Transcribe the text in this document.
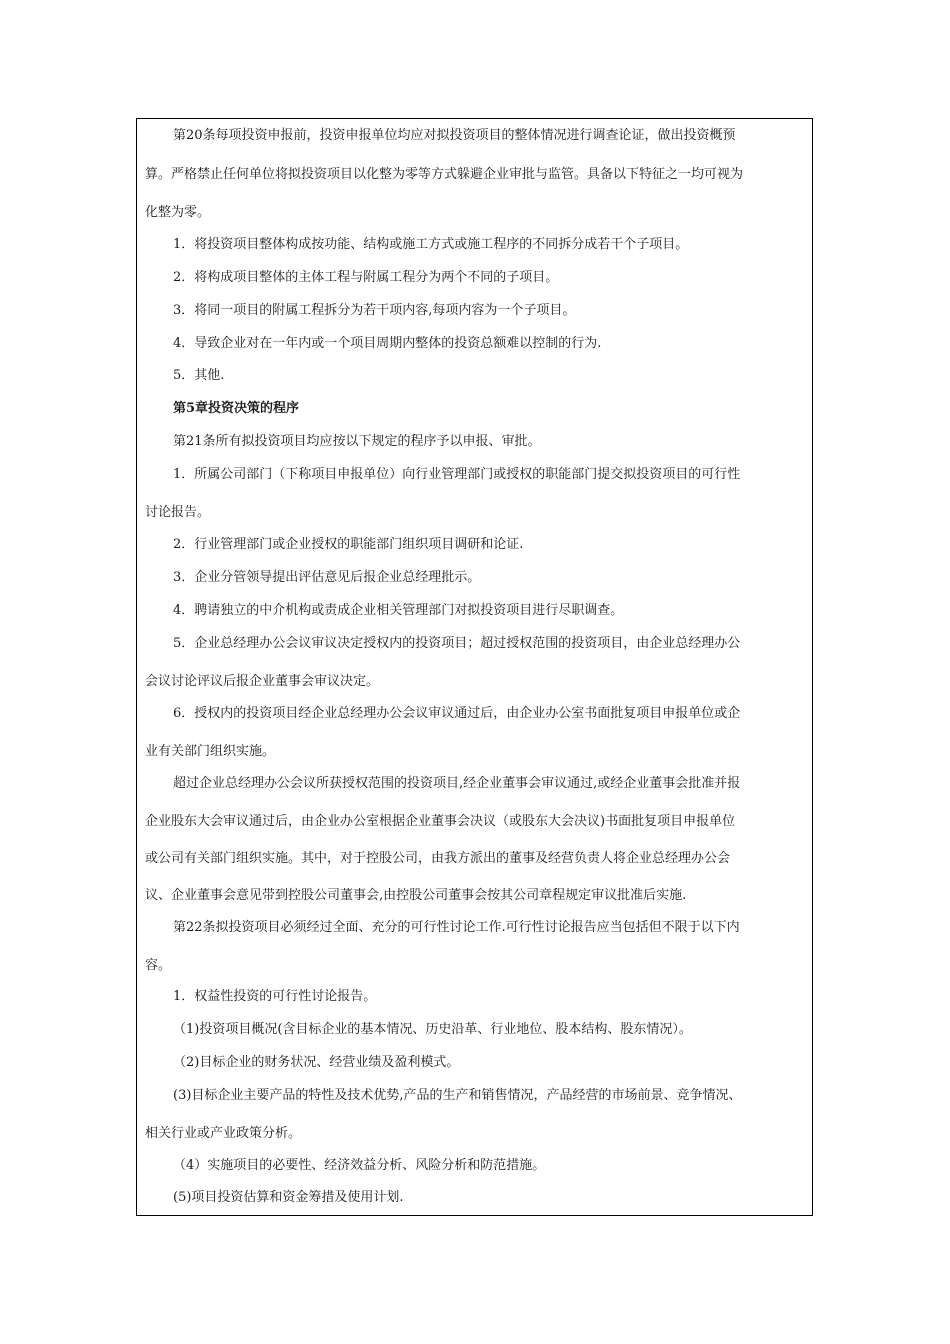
第20条每项投资申报前，投资申报单位均应对拟投资项目的整体情况进行调查论证，做出投资概预
算。严格禁止任何单位将拟投资项目以化整为零等方式躲避企业审批与监管。具备以下特征之一均可视为
化整为零。
1．将投资项目整体构成按功能、结构或施工方式或施工程序的不同拆分成若干个子项目。
2．将构成项目整体的主体工程与附属工程分为两个不同的子项目。
3．将同一项目的附属工程拆分为若干项内容,每项内容为一个子项目。
4．导致企业对在一年内或一个项目周期内整体的投资总额难以控制的行为.
5．其他.
第5章投资决策的程序
第21条所有拟投资项目均应按以下规定的程序予以申报、审批。
1．所属公司部门（下称项目申报单位）向行业管理部门或授权的职能部门提交拟投资项目的可行性
讨论报告。
2．行业管理部门或企业授权的职能部门组织项目调研和论证.
3．企业分管领导提出评估意见后报企业总经理批示。
4．聘请独立的中介机构或责成企业相关管理部门对拟投资项目进行尽职调查。
5．企业总经理办公会议审议决定授权内的投资项目；超过授权范围的投资项目，由企业总经理办公
会议讨论评议后报企业董事会审议决定。
6．授权内的投资项目经企业总经理办公会议审议通过后，由企业办公室书面批复项目申报单位或企
业有关部门组织实施。
超过企业总经理办公会议所获授权范围的投资项目,经企业董事会审议通过,或经企业董事会批准并报
企业股东大会审议通过后，由企业办公室根据企业董事会决议（或股东大会决议)书面批复项目申报单位
或公司有关部门组织实施。其中，对于控股公司，由我方派出的董事及经营负责人将企业总经理办公会
议、企业董事会意见带到控股公司董事会,由控股公司董事会按其公司章程规定审议批准后实施.
第22条拟投资项目必须经过全面、充分的可行性讨论工作.可行性讨论报告应当包括但不限于以下内
容。
1．权益性投资的可行性讨论报告。
（1)投资项目概况(含目标企业的基本情况、历史沿革、行业地位、股本结构、股东情况）。
（2)目标企业的财务状况、经营业绩及盈利模式。
(3)目标企业主要产品的特性及技术优势,产品的生产和销售情况，产品经营的市场前景、竞争情况、
相关行业或产业政策分析。
（4）实施项目的必要性、经济效益分析、风险分析和防范措施。
(5)项目投资估算和资金筹措及使用计划.
